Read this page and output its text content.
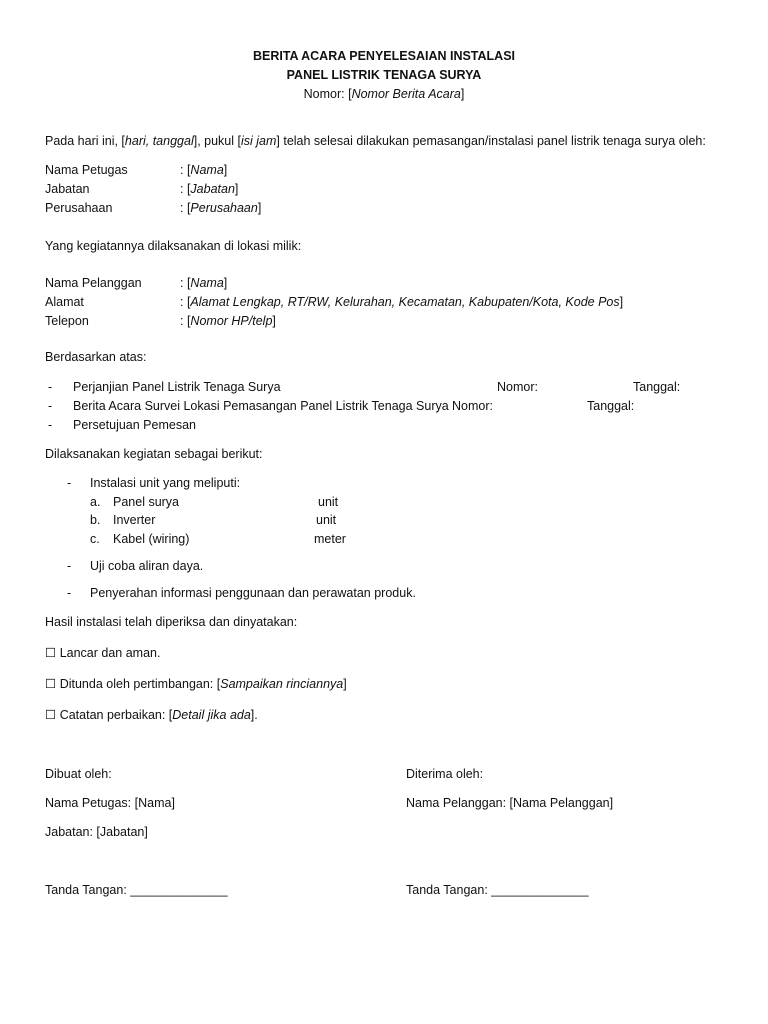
BERITA ACARA PENYELESAIAN INSTALASI
PANEL LISTRIK TENAGA SURYA
Nomor: [Nomor Berita Acara]
Pada hari ini, [hari, tanggal], pukul [isi jam] telah selesai dilakukan pemasangan/instalasi panel listrik tenaga surya oleh:
Nama Petugas	: [Nama]
Jabatan	: [Jabatan]
Perusahaan	: [Perusahaan]
Yang kegiatannya dilaksanakan di lokasi milik:
Nama Pelanggan	: [Nama]
Alamat	: [Alamat Lengkap, RT/RW, Kelurahan, Kecamatan, Kabupaten/Kota, Kode Pos]
Telepon	: [Nomor HP/telp]
Berdasarkan atas:
- Perjanjian Panel Listrik Tenaga Surya	Nomor:	Tanggal:
- Berita Acara Survei Lokasi Pemasangan Panel Listrik Tenaga Surya Nomor:	Tanggal:
- Persetujuan Pemesan
Dilaksanakan kegiatan sebagai berikut:
- Instalasi unit yang meliputi:
a. Panel surya	unit
b. Inverter	unit
c. Kabel (wiring)	meter
- Uji coba aliran daya.
- Penyerahan informasi penggunaan dan perawatan produk.
Hasil instalasi telah diperiksa dan dinyatakan:
☐ Lancar dan aman.
☐ Ditunda oleh pertimbangan: [Sampaikan rinciannya]
☐ Catatan perbaikan: [Detail jika ada].
Dibuat oleh:	Diterima oleh:
Nama Petugas: [Nama]	Nama Pelanggan: [Nama Pelanggan]
Jabatan: [Jabatan]
Tanda Tangan: ______________	Tanda Tangan: ______________
